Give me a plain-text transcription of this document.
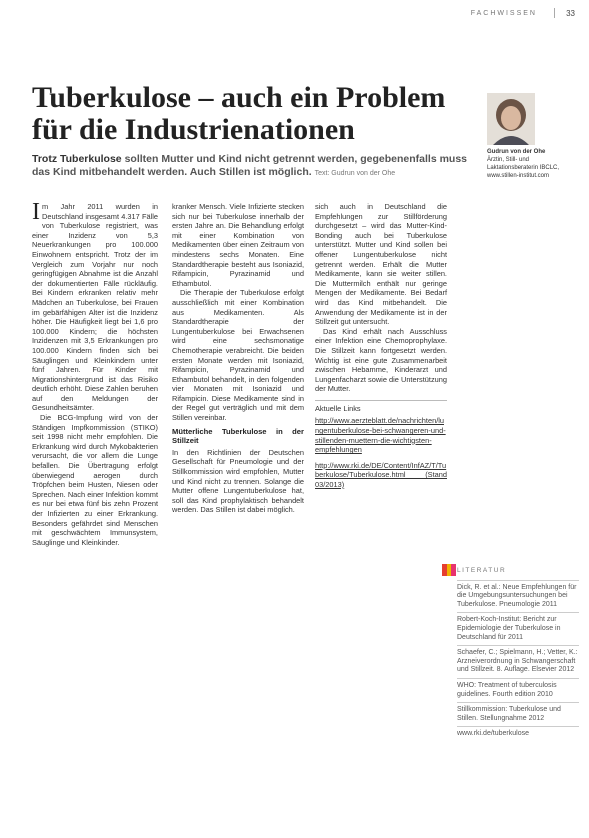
FACHWISSEN	33
Tuberkulose – auch ein Problem für die Industrienationen
Trotz Tuberkulose sollten Mutter und Kind nicht getrennt werden, gegebenenfalls muss das Kind mitbehandelt werden. Auch Stillen ist möglich. Text: Gudrun von der Ohe
Gudrun von der Ohe
Ärztin, Still- und Laktationsberaterin IBCLC, www.stillen-institut.com
I m Jahr 2011 wurden in Deutschland insgesamt 4.317 Fälle von Tuberkulose registriert, was einer Inzidenz von 5,3 Neuerkrankungen pro 100.000 Einwohnern entspricht. Trotz der im Vergleich zum Vorjahr nur noch geringfügigen Abnahme ist die Anzahl der dokumentierten Fälle rückläufig. Bei Kindern erkranken relativ mehr Mädchen an Tuberkulose, bei Frauen im gebärfähigen Alter ist die Inzidenz höher. Die Häufigkeit liegt bei 1,6 pro 100.000 Kindern; die höchsten Inzidenzen mit 3,5 Erkrankungen pro 100.000 Kindern finden sich bei Säuglingen und Kleinkindern unter fünf Jahren. Für Kinder mit Migrationshintergrund ist das Risiko deutlich erhöht. Diese Zahlen beruhen auf den Meldungen der Gesundheitsämter.

Die BCG-Impfung wird von der Ständigen Impfkommission (STIKO) seit 1998 nicht mehr empfohlen. Die Erkrankung wird durch Mykobakterien verursacht, die vor allem die Lunge befallen. Die Übertragung erfolgt überwiegend aerogen durch Tröpfchen beim Husten, Niesen oder Sprechen. Nach einer Infektion kommt es nur bei etwa fünf bis zehn Prozent der Infizierten zu einer Erkrankung. Besonders gefährdet sind Menschen mit geschwächtem Immunsystem, Säuglinge und Kleinkinder.

kranker Mensch. Viele Infizierte stecken sich nur bei Tuberkulose innerhalb der ersten Jahre an. Die Behandlung erfolgt mit einer Kombination von Medikamenten über einen Zeitraum von mindestens sechs Monaten. Eine Standardtherapie besteht aus Isoniazid, Rifampicin, Pyrazinamid und Ethambutol.

Die Therapie der Tuberkulose erfolgt ausschließlich mit einer Kombination aus Medikamenten. Als Standardtherapie der Lungentuberkulose bei Erwachsenen wird eine sechsmonatige Chemotherapie verabreicht. Die beiden ersten Monate werden mit Isoniazid, Rifampicin, Pyrazinamid und Ethambutol behandelt, in den folgenden vier Monaten mit Isoniazid und Rifampicin. Diese Medikamente sind in der Regel gut verträglich und mit dem Stillen vereinbar.

Mütterliche Tuberkulose in der Stillzeit

In den Richtlinien der Deutschen Gesellschaft für Pneumologie und der Stillkommission wird empfohlen, Mutter und Kind nicht zu trennen. Solange die Mutter offene Lungentuberkulose hat, soll das Kind prophylaktisch behandelt werden. Das Stillen ist dabei möglich.

sich auch in Deutschland die Empfehlungen zur Stillförderung durchgesetzt – wird das Mutter-Kind-Bonding auch bei Tuberkulose unterstützt. Mutter und Kind sollen bei offener Lungentuberkulose nicht getrennt werden. Erhält die Mutter Medikamente, kann sie weiter stillen. Die Muttermilch enthält nur geringe Mengen der Medikamente. Bei Bedarf wird das Kind mitbehandelt. Die Anwendung der Medikamente ist in der Stillzeit gut untersucht.

Das Kind erhält nach Ausschluss einer Infektion eine Chemoprophylaxe. Die Stillzeit kann fortgesetzt werden. Wichtig ist eine gute Zusammenarbeit zwischen Hebamme, Kinderarzt und Lungenfacharzt sowie die Unterstützung der Mutter.

Aktuelle Links
http://www.aerzteblatt.de/nachrichten/lungentuberkulose-bei-schwangeren-und-stillenden-muettern-die-wichtigsten-empfehlungen
http://www.rki.de/DE/Content/InfAZ/T/Tuberkulose/Tuberkulose.html (Stand 03/2013)
LITERATUR
Dick, R. et al.: Neue Empfehlungen für die Umgebungsuntersuchungen bei Tuberkulose. Pneumologie 2011
Robert-Koch-Institut: Bericht zur Epidemiologie der Tuberkulose in Deutschland für 2011
Schaefer, C.; Spielmann, H.; Vetter, K.: Arzneiverordnung in Schwangerschaft und Stillzeit. 8. Auflage. Elsevier 2012
WHO: Treatment of tuberculosis guidelines. Fourth edition 2010
Stillkommission: Tuberkulose und Stillen. Stellungnahme 2012
www.rki.de/tuberkulose
